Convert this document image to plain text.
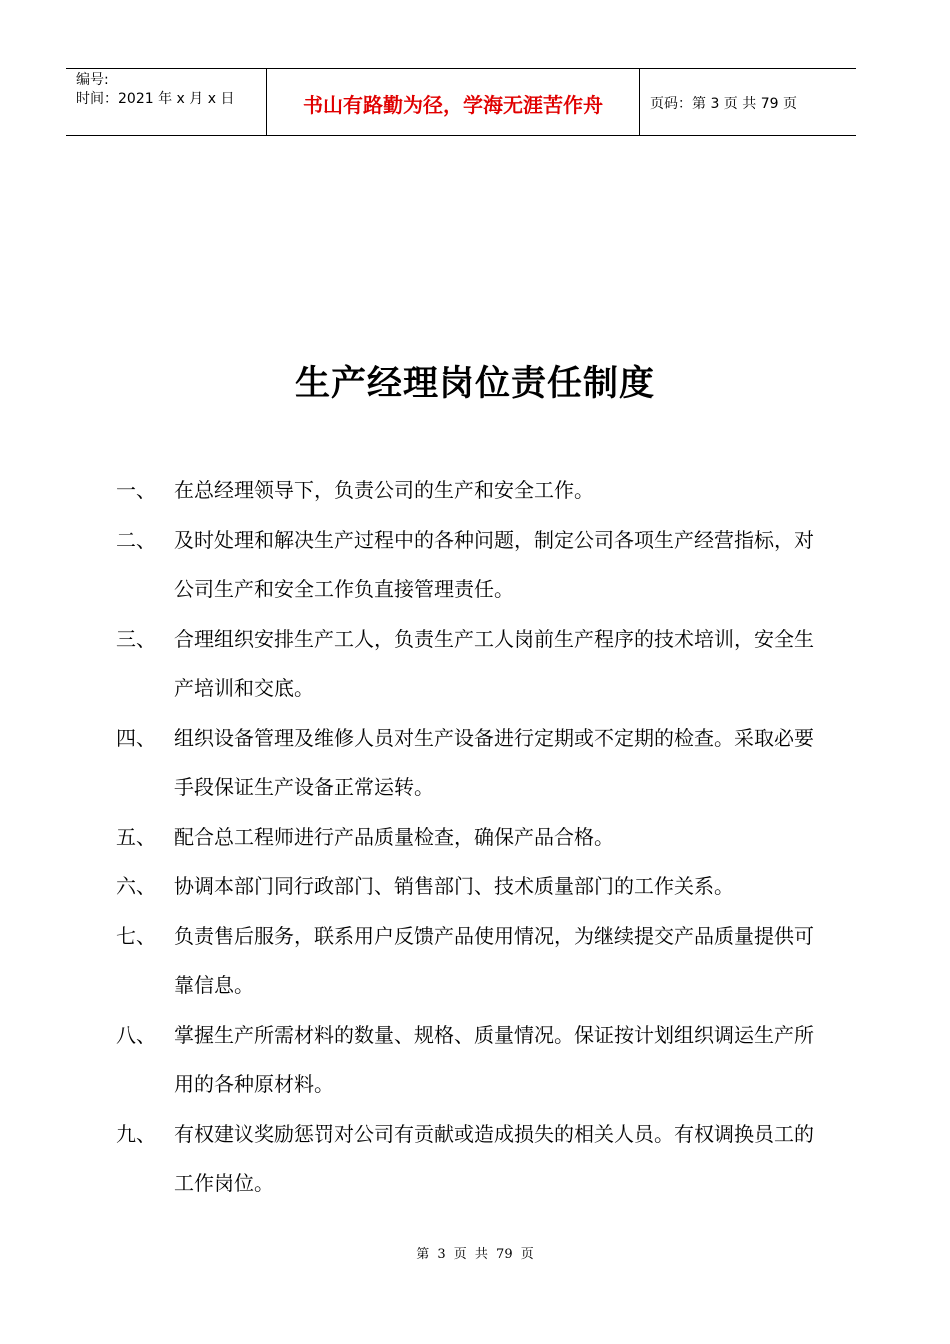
编号:
时间：2021 年 x 月 x 日	书山有路勤为径，学海无涯苦作舟	页码：第 3 页 共 79 页
生产经理岗位责任制度
一、 在总经理领导下，负责公司的生产和安全工作。
二、 及时处理和解决生产过程中的各种问题，制定公司各项生产经营指标，对公司生产和安全工作负直接管理责任。
三、 合理组织安排生产工人，负责生产工人岗前生产程序的技术培训，安全生产培训和交底。
四、 组织设备管理及维修人员对生产设备进行定期或不定期的检查。采取必要手段保证生产设备正常运转。
五、 配合总工程师进行产品质量检查，确保产品合格。
六、 协调本部门同行政部门、销售部门、技术质量部门的工作关系。
七、 负责售后服务，联系用户反馈产品使用情况，为继续提交产品质量提供可靠信息。
八、 掌握生产所需材料的数量、规格、质量情况。保证按计划组织调运生产所用的各种原材料。
九、 有权建议奖励惩罚对公司有贡献或造成损失的相关人员。有权调换员工的工作岗位。
第 3 页 共 79 页
